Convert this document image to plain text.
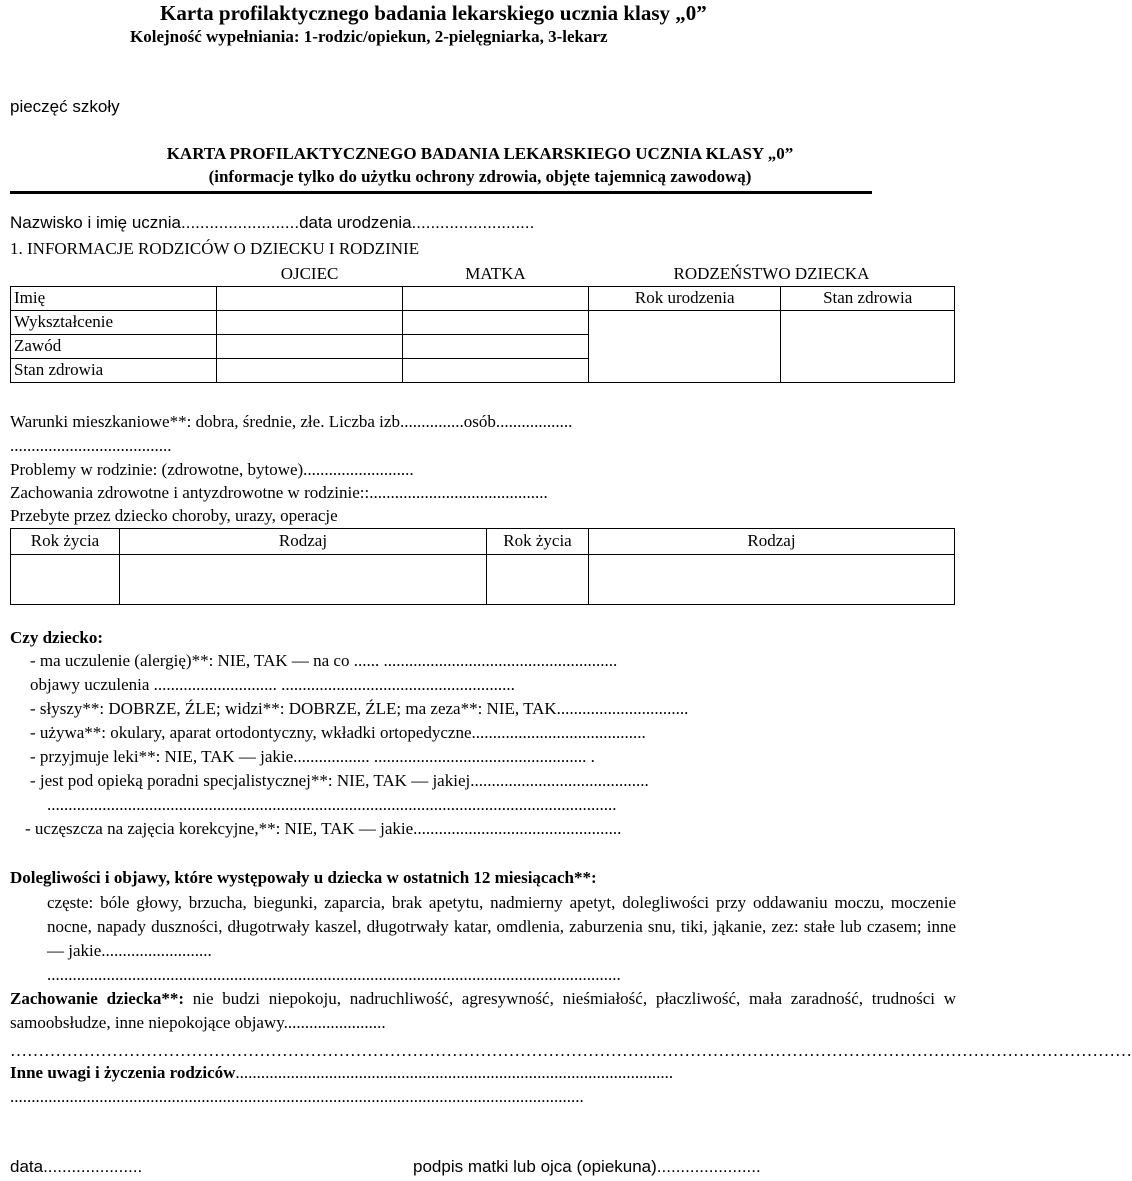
Karta profilaktycznego badania lekarskiego ucznia klasy „0”
Kolejność wypełniania: 1-rodzic/opiekun, 2-pielęgniarka, 3-lekarz
pieczęć szkoły
KARTA PROFILAKTYCZNEGO BADANIA LEKARSKIEGO UCZNIA KLASY „0”
(informacje tylko do użytku ochrony zdrowia, objęte tajemnicą zawodową)
Nazwisko i imię ucznia.........................data urodzenia..........................
1. INFORMACJE RODZICÓW O DZIECKU I RODZINIE
	OJCIEC	MATKA	RODZEŃSTWO DZIECKA	
Imię			Rok urodzenia	Stan zdrowia
Wykształcenie				
Zawód				
Stan zdrowia				
Warunki mieszkaniowe**: dobra, średnie, złe. Liczba izb...............osób..................
......................................
Problemy w rodzinie: (zdrowotne, bytowe)..........................
Zachowania zdrowotne i antyzdrowotne w rodzinie::..........................................
Przebyte przez dziecko choroby, urazy, operacje
Rok życia	Rodzaj	Rok życia	Rodzaj

Czy dziecko:
- ma uczulenie (alergię)**: NIE, TAK — na co ...... .......................................................
objawy uczulenia ............................. .......................................................
- słyszy**: DOBRZE, ŹLE; widzi**: DOBRZE, ŹLE; ma zeza**: NIE, TAK...............................
- używa**: okulary, aparat ortodontyczny, wkładki ortopedyczne.........................................
- przyjmuje leki**: NIE, TAK — jakie.................. .................................................. .
- jest pod opieką poradni specjalistycznej**: NIE, TAK — jakiej..........................................
......................................................................................................................................
- uczęszcza na zajęcia korekcyjne,**: NIE, TAK — jakie.................................................
Dolegliwości i objawy, które występowały u dziecka w ostatnich 12 miesiącach**:
częste: bóle głowy, brzucha, biegunki, zaparcia, brak apetytu, nadmierny apetyt, dolegliwości przy oddawaniu moczu, moczenie nocne, napady duszności, długotrwały kaszel, długotrwały katar, omdlenia, zaburzenia snu, tiki, jąkanie, zez: stałe lub czasem; inne — jakie..........................
.......................................................................................................................................
Zachowanie dziecka**: nie budzi niepokoju, nadruchliwość, agresywność, nieśmiałość, płaczliwość, mała zaradność, trudności w samoobsłudze, inne niepokojące objawy........................
………………………………………………………………………………………………………………………………………………………………………………
Inne uwagi i życzenia rodziców.......................................................................................................
.......................................................................................................................................
data.....................	podpis matki lub ojca (opiekuna)......................
